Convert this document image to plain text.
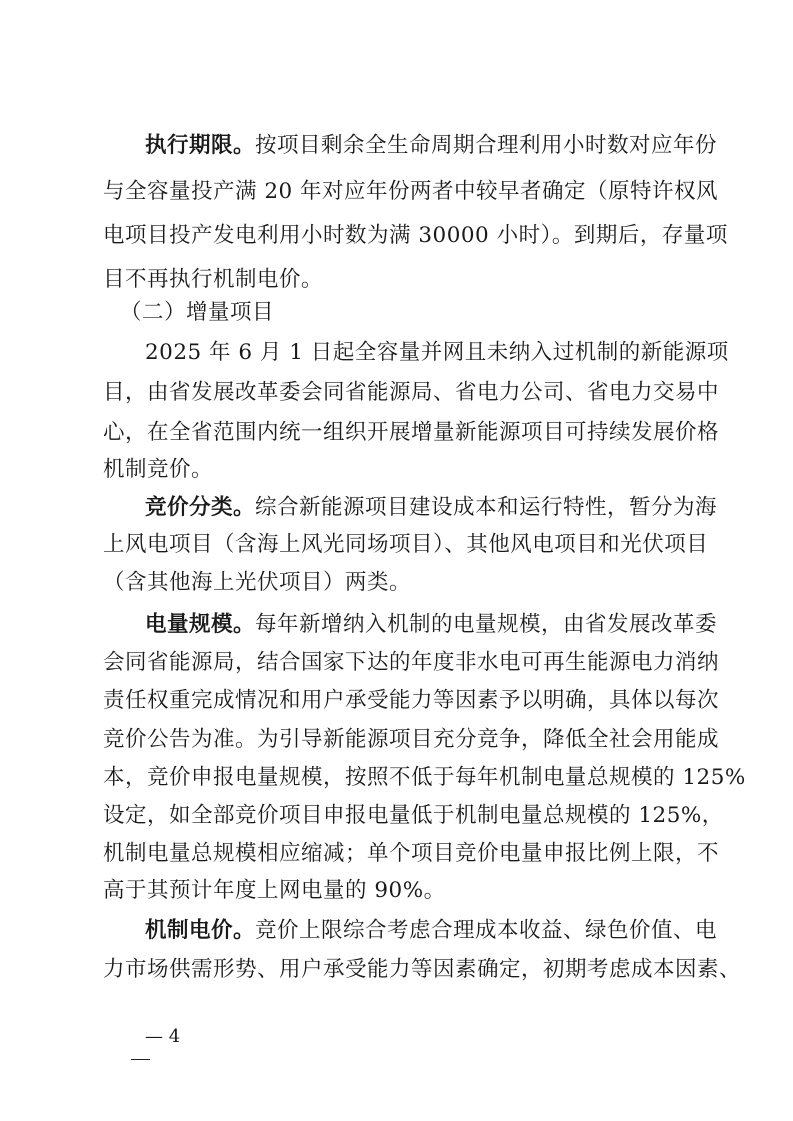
执行期限。按项目剩余全生命周期合理利用小时数对应年份
与全容量投产满 20 年对应年份两者中较早者确定（原特许权风
电项目投产发电利用小时数为满 30000 小时）。到期后，存量项
目不再执行机制电价。
（二）增量项目
2025 年 6 月 1 日起全容量并网且未纳入过机制的新能源项
目，由省发展改革委会同省能源局、省电力公司、省电力交易中
心，在全省范围内统一组织开展增量新能源项目可持续发展价格
机制竞价。
竞价分类。综合新能源项目建设成本和运行特性，暂分为海
上风电项目（含海上风光同场项目）、其他风电项目和光伏项目
（含其他海上光伏项目）两类。
电量规模。每年新增纳入机制的电量规模，由省发展改革委
会同省能源局，结合国家下达的年度非水电可再生能源电力消纳
责任权重完成情况和用户承受能力等因素予以明确，具体以每次
竞价公告为准。为引导新能源项目充分竞争，降低全社会用能成
本，竞价申报电量规模，按照不低于每年机制电量总规模的 125%
设定，如全部竞价项目申报电量低于机制电量总规模的 125%，
机制电量总规模相应缩减；单个项目竞价电量申报比例上限，不
高于其预计年度上网电量的 90%。
机制电价。竞价上限综合考虑合理成本收益、绿色价值、电
力市场供需形势、用户承受能力等因素确定，初期考虑成本因素、
— 4
